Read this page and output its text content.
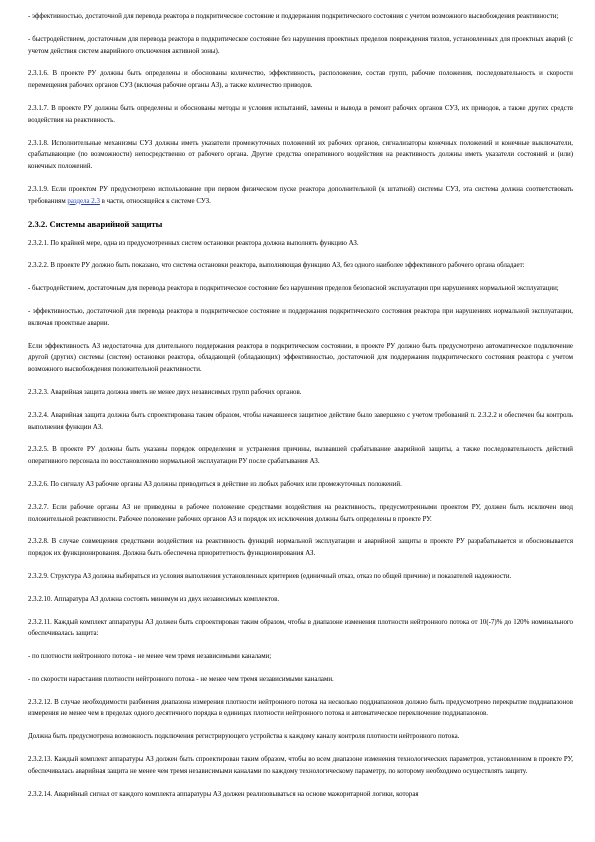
- эффективностью, достаточной для перевода реактора в подкритическое состояние и поддержания подкритического состояния с учетом возможного высвобождения реактивности;

- быстродействием, достаточным для перевода реактора в подкритическое состояние без нарушения проектных пределов повреждения твэлов, установленных для проектных аварий (с учетом действия систем аварийного отключения активной зоны).

2.3.1.6. В проекте РУ должны быть определены и обоснованы количество, эффективность, расположение, состав групп, рабочие положения, последовательность и скорости перемещения рабочих органов СУЗ (включая рабочие органы АЗ), а также количество приводов.

2.3.1.7. В проекте РУ должны быть определены и обоснованы методы и условия испытаний, замены и вывода в ремонт рабочих органов СУЗ, их приводов, а также других средств воздействия на реактивность.

2.3.1.8. Исполнительные механизмы СУЗ должны иметь указатели промежуточных положений их рабочих органов, сигнализаторы конечных положений и конечные выключатели, срабатывающие (по возможности) непосредственно от рабочего органа. Другие средства оперативного воздействия на реактивность должны иметь указатели состояний и (или) конечных положений.

2.3.1.9. Если проектом РУ предусмотрено использование при первом физическом пуске реактора дополнительной (к штатной) системы СУЗ, эта система должна соответствовать требованиям раздела 2.3 в части, относящейся к системе СУЗ.

2.3.2. Системы аварийной защиты

2.3.2.1. По крайней мере, одна из предусмотренных систем остановки реактора должна выполнять функцию АЗ.

2.3.2.2. В проекте РУ должно быть показано, что система остановки реактора, выполняющая функцию АЗ, без одного наиболее эффективного рабочего органа обладает:

- быстродействием, достаточным для перевода реактора в подкритическое состояние без нарушения пределов безопасной эксплуатации при нарушениях нормальной эксплуатации;

- эффективностью, достаточной для перевода реактора в подкритическое состояние и поддержания подкритического состояния реактора при нарушениях нормальной эксплуатации, включая проектные аварии.

Если эффективность АЗ недостаточна для длительного поддержания реактора в подкритическом состоянии, в проекте РУ должно быть предусмотрено автоматическое подключение другой (других) системы (систем) остановки реактора, обладающей (обладающих) эффективностью, достаточной для поддержания подкритического состояния реактора с учетом возможного высвобождения положительной реактивности.

2.3.2.3. Аварийная защита должна иметь не менее двух независимых групп рабочих органов.

2.3.2.4. Аварийная защита должна быть спроектирована таким образом, чтобы начавшееся защитное действие было завершено с учетом требований п. 2.3.2.2 и обеспечен бы контроль выполнения функции АЗ.

2.3.2.5. В проекте РУ должны быть указаны порядок определения и устранения причины, вызвавшей срабатывание аварийной защиты, а также последовательность действий оперативного персонала по восстановлению нормальной эксплуатации РУ после срабатывания АЗ.

2.3.2.6. По сигналу АЗ рабочие органы АЗ должны приводиться в действие из любых рабочих или промежуточных положений.

2.3.2.7. Если рабочие органы АЗ не приведены в рабочее положение средствами воздействия на реактивность, предусмотренными проектом РУ, должен быть исключен ввод положительной реактивности. Рабочее положение рабочих органов АЗ и порядок их исключения должны быть определены в проекте РУ.

2.3.2.8. В случае совмещения средствами воздействия на реактивность функций нормальной эксплуатации и аварийной защиты в проекте РУ разрабатывается и обосновывается порядок их функционирования. Должна быть обеспечена приоритетность функционирования АЗ.

2.3.2.9. Структура АЗ должна выбираться из условия выполнения установленных критериев (единичный отказ, отказ по общей причине) и показателей надежности.

2.3.2.10. Аппаратура АЗ должна состоять минимум из двух независимых комплектов.

2.3.2.11. Каждый комплект аппаратуры АЗ должен быть спроектирован таким образом, чтобы в диапазоне изменения плотности нейтронного потока от 10(-7)% до 120% номинального обеспечивалась защита:

- по плотности нейтронного потока - не менее чем тремя независимыми каналами;

- по скорости нарастания плотности нейтронного потока - не менее чем тремя независимыми каналами.

2.3.2.12. В случае необходимости разбиения диапазона измерения плотности нейтронного потока на несколько поддиапазонов должно быть предусмотрено перекрытие поддиапазонов измерения не менее чем в пределах одного десятичного порядка в единицах плотности нейтронного потока и автоматическое переключение поддиапазонов.

Должна быть предусмотрена возможность подключения регистрирующего устройства к каждому каналу контроля плотности нейтронного потока.

2.3.2.13. Каждый комплект аппаратуры АЗ должен быть спроектирован таким образом, чтобы во всем диапазоне изменения технологических параметров, установленном в проекте РУ, обеспечивалась аварийная защита не менее чем тремя независимыми каналами по каждому технологическому параметру, по которому необходимо осуществлять защиту.

2.3.2.14. Аварийный сигнал от каждого комплекта аппаратуры АЗ должен реализовываться на основе мажоритарной логики, которая
